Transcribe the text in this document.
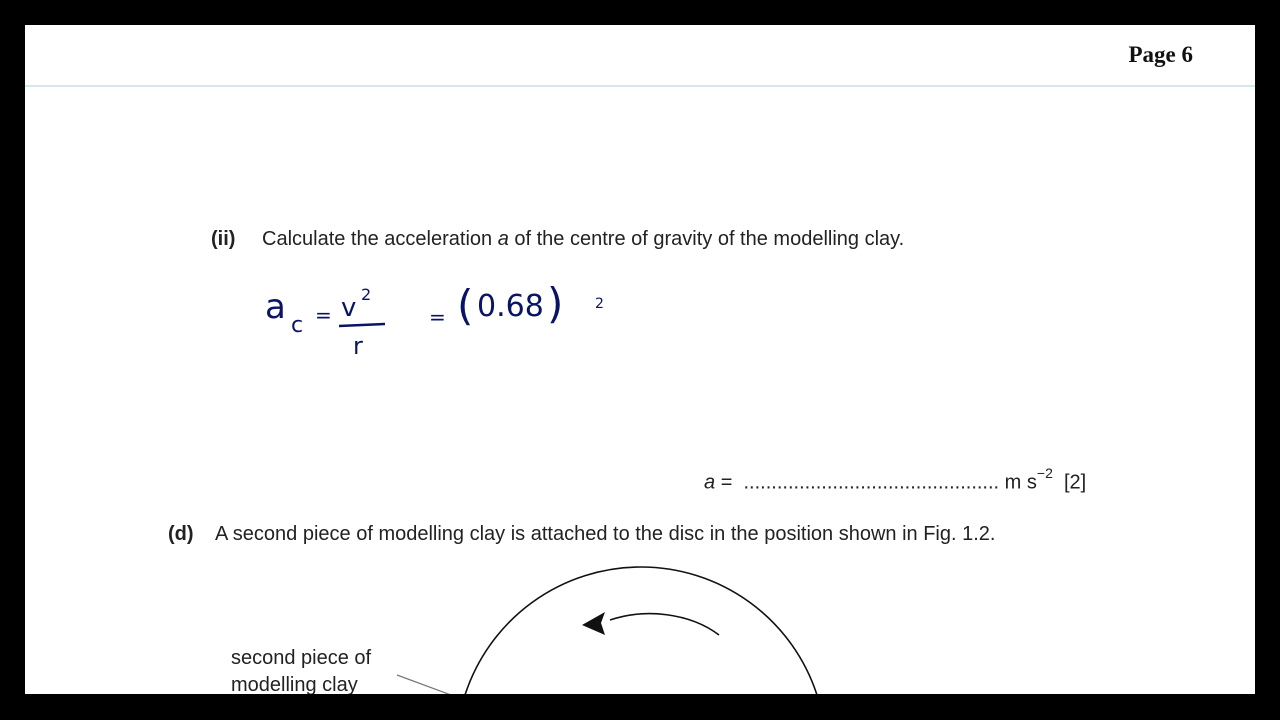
Page 6
(ii) Calculate the acceleration a of the centre of gravity of the modelling clay.
a c = v 2
r
= ( 0.68 ) 2
a = .............................................. m $s^{-2}$ [2]
(d) A second piece of modelling clay is attached to the disc in the position shown in Fig. 1.2.
second piece of
modelling clay
